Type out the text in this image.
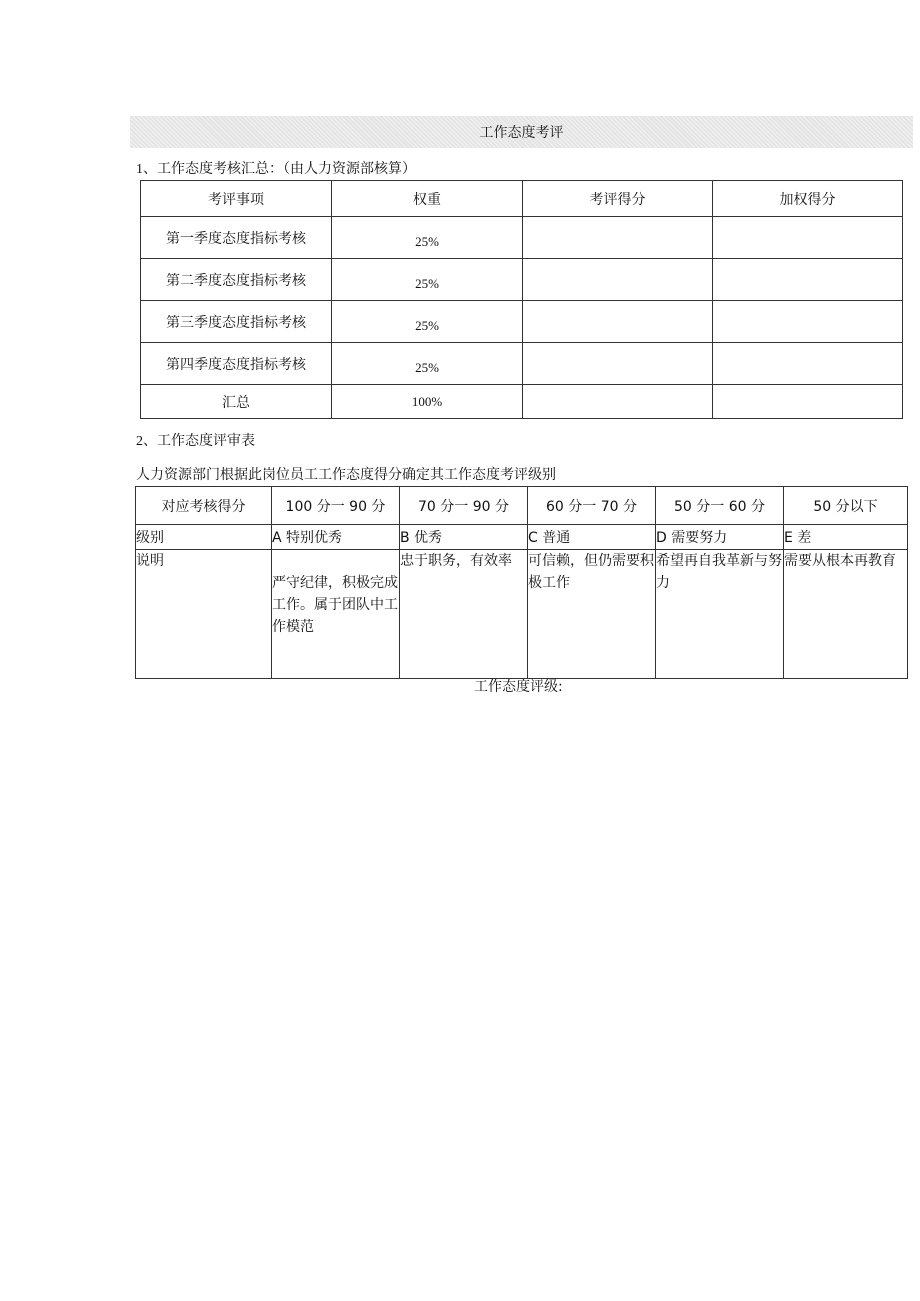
工作态度考评
1、工作态度考核汇总：（由人力资源部核算）
考评事项	权重	考评得分	加权得分
第一季度态度指标考核	25%		
第二季度态度指标考核	25%		
第三季度态度指标考核	25%		
第四季度态度指标考核	25%		
汇总	100%		
2、工作态度评审表
人力资源部门根据此岗位员工工作态度得分确定其工作态度考评级别
对应考核得分	100 分一 90 分	70 分一 90 分	60 分一 70 分	50 分一 60 分	50 分以下
级别	A 特别优秀	B 优秀	C 普通	D 需要努力	E 差
说明	严守纪律，积极完成工作。属于团队中工作模范	忠于职务，有效率	可信赖，但仍需要积极工作	希望再自我革新与努力	需要从根本再教育
工作态度评级:
